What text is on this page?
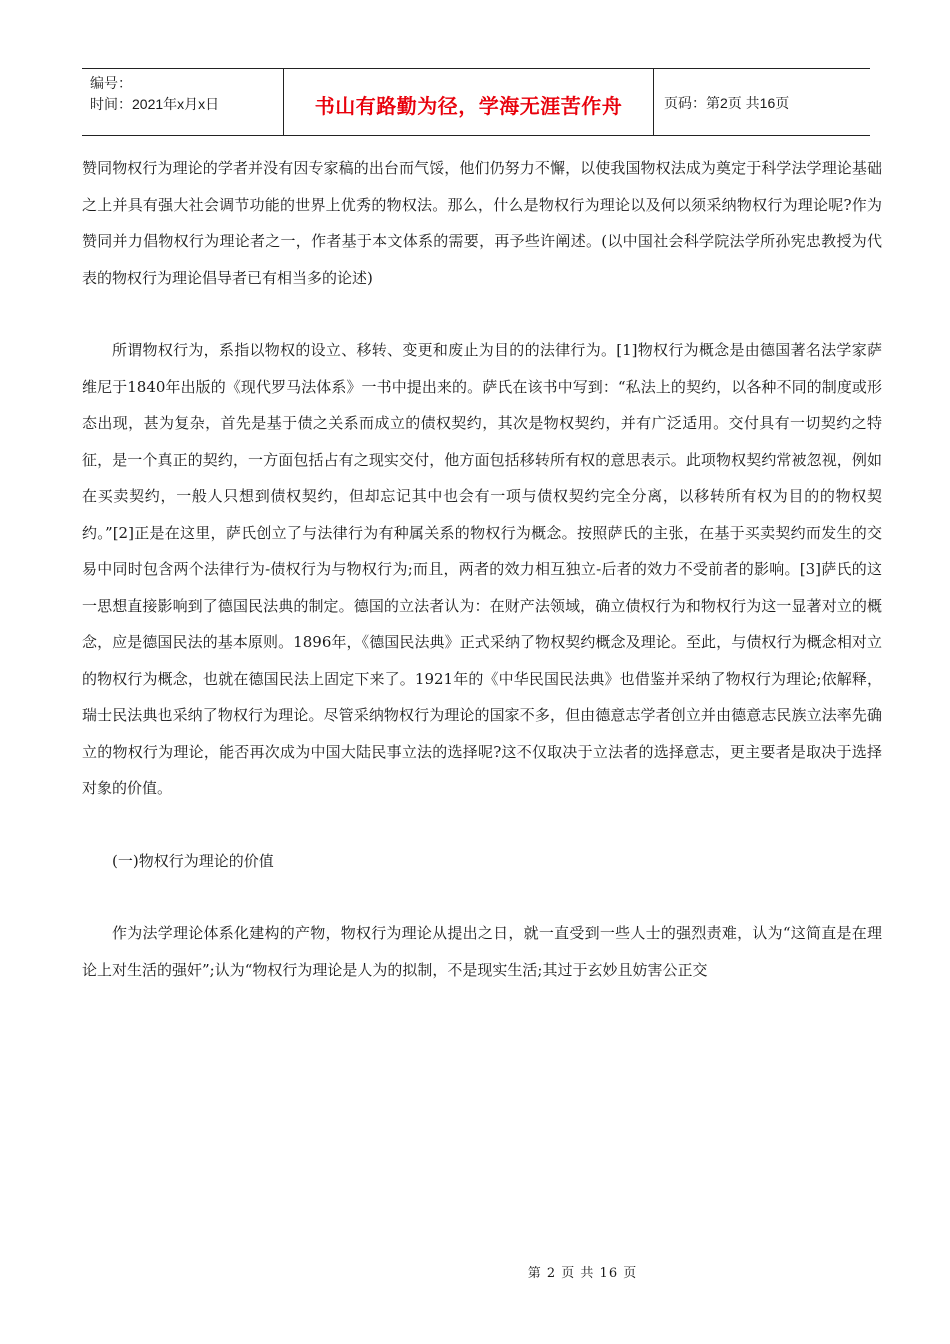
编号：
时间：2021年x月x日	书山有路勤为径，学海无涯苦作舟	页码：第2页 共16页

赞同物权行为理论的学者并没有因专家稿的出台而气馁，他们仍努力不懈，以使我国物权法成为奠定于科学法学理论基础之上并具有强大社会调节功能的世界上优秀的物权法。那么，什么是物权行为理论以及何以须采纳物权行为理论呢?作为赞同并力倡物权行为理论者之一，作者基于本文体系的需要，再予些许阐述。(以中国社会科学院法学所孙宪忠教授为代表的物权行为理论倡导者已有相当多的论述)

所谓物权行为，系指以物权的设立、移转、变更和废止为目的的法律行为。[1]物权行为概念是由德国著名法学家萨维尼于1840年出版的《现代罗马法体系》一书中提出来的。萨氏在该书中写到：“私法上的契约，以各种不同的制度或形态出现，甚为复杂，首先是基于债之关系而成立的债权契约，其次是物权契约，并有广泛适用。交付具有一切契约之特征，是一个真正的契约，一方面包括占有之现实交付，他方面包括移转所有权的意思表示。此项物权契约常被忽视，例如在买卖契约，一般人只想到债权契约，但却忘记其中也会有一项与债权契约完全分离，以移转所有权为目的的物权契约。”[2]正是在这里，萨氏创立了与法律行为有种属关系的物权行为概念。按照萨氏的主张，在基于买卖契约而发生的交易中同时包含两个法律行为-债权行为与物权行为;而且，两者的效力相互独立-后者的效力不受前者的影响。[3]萨氏的这一思想直接影响到了德国民法典的制定。德国的立法者认为：在财产法领域，确立债权行为和物权行为这一显著对立的概念，应是德国民法的基本原则。1896年，《德国民法典》正式采纳了物权契约概念及理论。至此，与债权行为概念相对立的物权行为概念，也就在德国民法上固定下来了。1921年的《中华民国民法典》也借鉴并采纳了物权行为理论;依解释，瑞士民法典也采纳了物权行为理论。尽管采纳物权行为理论的国家不多，但由德意志学者创立并由德意志民族立法率先确立的物权行为理论，能否再次成为中国大陆民事立法的选择呢?这不仅取决于立法者的选择意志，更主要者是取决于选择对象的价值。

(一)物权行为理论的价值

作为法学理论体系化建构的产物，物权行为理论从提出之日，就一直受到一些人士的强烈责难，认为“这简直是在理论上对生活的强奸”;认为“物权行为理论是人为的拟制，不是现实生活;其过于玄妙且妨害公正交

第 2 页 共 16 页
